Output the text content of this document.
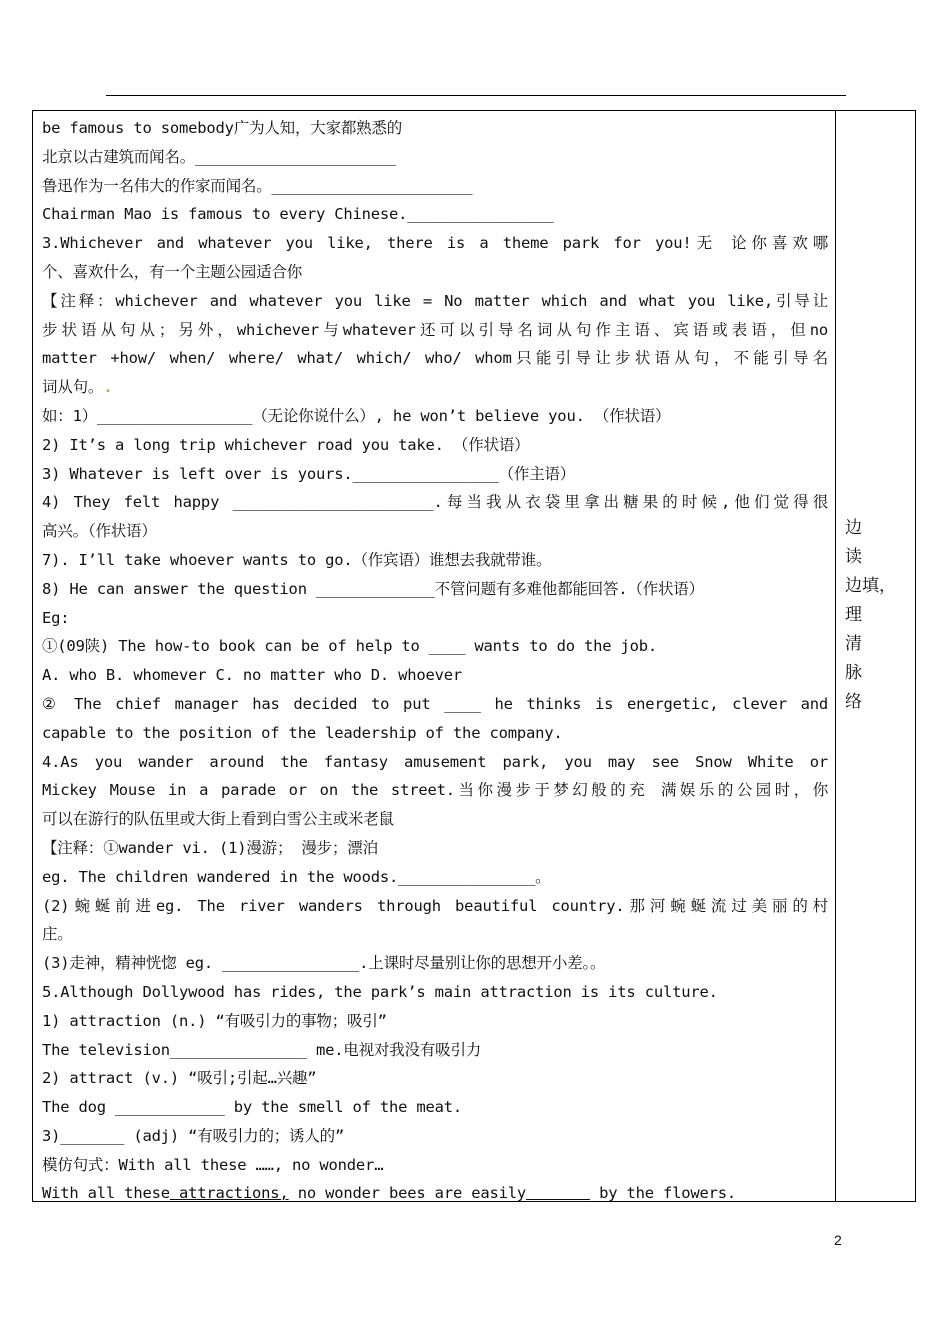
be famous to somebody广为人知，大家都熟悉的
北京以古建筑而闻名。______________________
鲁迅作为一名伟大的作家而闻名。______________________
Chairman Mao is famous to every Chinese.________________
3.Whichever and whatever you like, there is a theme park for you!无 论你喜欢哪
个、喜欢什么，有一个主题公园适合你
【注释：whichever and whatever you like = No matter which and what you like,引导让
步状语从句从；另外，whichever与whatever还可以引导名词从句作主语、宾语或表语，但no
matter +how/ when/ where/ what/ which/ who/ whom只能引导让步状语从句，不能引导名
词从句。.
如：1）_________________（无论你说什么）, he won’t believe you. （作状语）
2) It’s a long trip whichever road you take. （作状语）
3) Whatever is left over is yours.________________（作主语）
4) They felt happy ______________________.每当我从衣袋里拿出糖果的时候,他们觉得很
高兴。（作状语）
7). I’ll take whoever wants to go.（作宾语）谁想去我就带谁。
8) He can answer the question _____________不管问题有多难他都能回答.（作状语）
Eg:
①(09陕) The how-to book can be of help to ____ wants to do the job.
A. who B. whomever C. no matter who D. whoever
② The chief manager has decided to put ____ he thinks is energetic, clever and
capable to the position of the leadership of the company.
4.As you wander around the fantasy amusement park, you may see Snow White or
Mickey Mouse in a parade or on the street.当你漫步于梦幻般的充 满娱乐的公园时，你
可以在游行的队伍里或大街上看到白雪公主或米老鼠
【注释：①wander vi. (1)漫游； 漫步；漂泊
eg. The children wandered in the woods._______________。
(2)蜿蜒前进eg. The river wanders through beautiful country.那河蜿蜒流过美丽的村
庄。
(3)走神，精神恍惚 eg. _______________.上课时尽量别让你的思想开小差。。
5.Although Dollywood has rides, the park’s main attraction is its culture.
1) attraction (n.) “有吸引力的事物；吸引”
The television_______________ me.电视对我没有吸引力
2) attract (v.) “吸引;引起…兴趣”
The dog ____________ by the smell of the meat.
3)_______ (adj) “有吸引力的；诱人的”
模仿句式：With all these ……, no wonder…
With all these attractions, no wonder bees are easily_______ by the flowers.
边
读
边填，
理
清
脉
络
2
